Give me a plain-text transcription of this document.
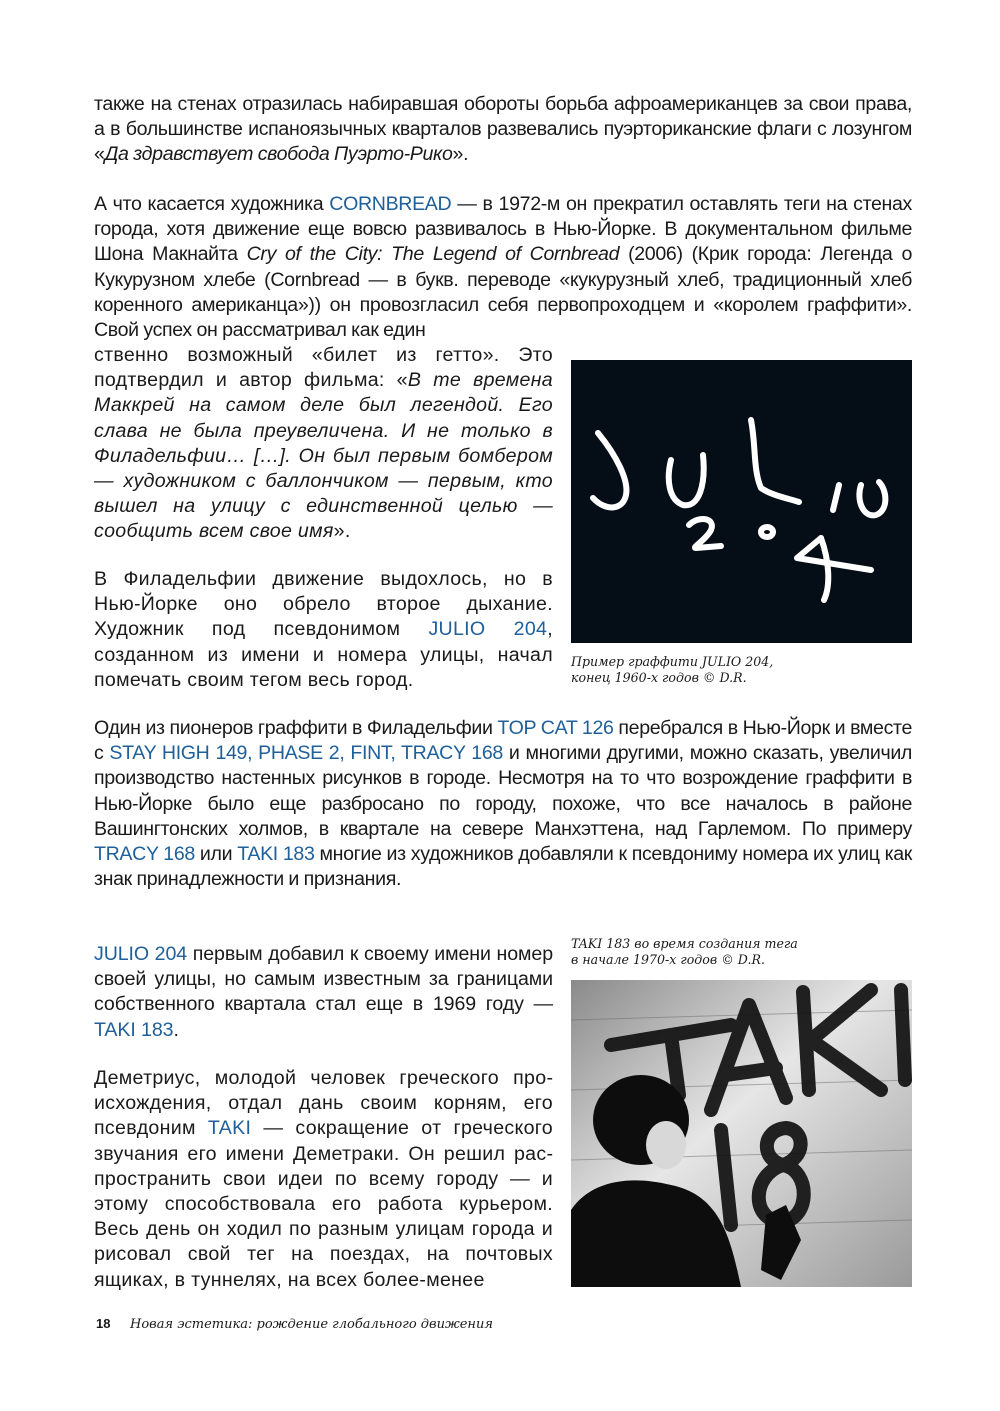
также на стенах отразилась набиравшая обороты борьба афроамериканцев за свои права, а в большинстве испаноязычных кварталов развевались пуэрториканские флаги с лозунгом «Да здравствует свобода Пуэрто-Рико».

А что касается художника CORNBREAD — в 1972-м он прекратил оставлять теги на стенах города, хотя движение еще вовсю развивалось в Нью-Йорке. В документальном фильме Шона Макнайта Cry of the City: The Legend of Cornbread (2006) (Крик города: Легенда о Кукурузном хлебе (Cornbread — в букв. переводе «кукурузный хлеб, традиционный хлеб коренного американца»)) он провозгласил себя первопроходцем и «королем граффити». Свой успех он рассматривал как един

ственно возможный «билет из гетто». Это подтвердил и автор фильма: «В те времена Маккрей на самом деле был легендой. Его слава не была преувеличена. И не только в Филадельфии… […]. Он был первым бомбером — художником с баллончиком — первым, кто вышел на улицу с единственной целью — сообщить всем свое имя».

Пример граффити JULIO 204,
конец 1960-х годов © D.R.

В Филадельфии движение выдохлось, но в Нью-Йорке оно обрело второе дыхание. Художник под псевдонимом JULIO 204, созданном из имени и номера улицы, начал помечать своим тегом весь город.

Один из пионеров граффити в Филадельфии TOP CAT 126 перебрался в Нью-Йорк и вместе с STAY HIGH 149, PHASE 2, FINT, TRACY 168 и многими другими, можно сказать, увеличил производство настенных рисунков в городе. Несмотря на то что возрождение граффити в Нью-Йорке было еще разбросано по городу, похоже, что все началось в районе Вашингтонских холмов, в квартале на севере Манхэттена, над Гарлемом. По примеру TRACY 168 или TAKI 183 многие из художников добавляли к псевдониму номера их улиц как знак принадлежности и признания.

JULIO 204 первым добавил к своему имени номер своей улицы, но самым известным за границами собственного квартала стал еще в 1969 году — TAKI 183.

TAKI 183 во время создания тега
в начале 1970-х годов © D.R.

Деметриус, молодой человек греческого происхождения, отдал дань своим корням, его псевдоним TAKI — сокращение от греческого звучания его имени Деметраки. Он решил распространить свои идеи по всему городу — и этому способствовала его работа курьером. Весь день он ходил по разным улицам города и рисовал свой тег на поездах, на почтовых ящиках, в туннелях, на всех более-менее

18 Новая эстетика: рождение глобального движения
